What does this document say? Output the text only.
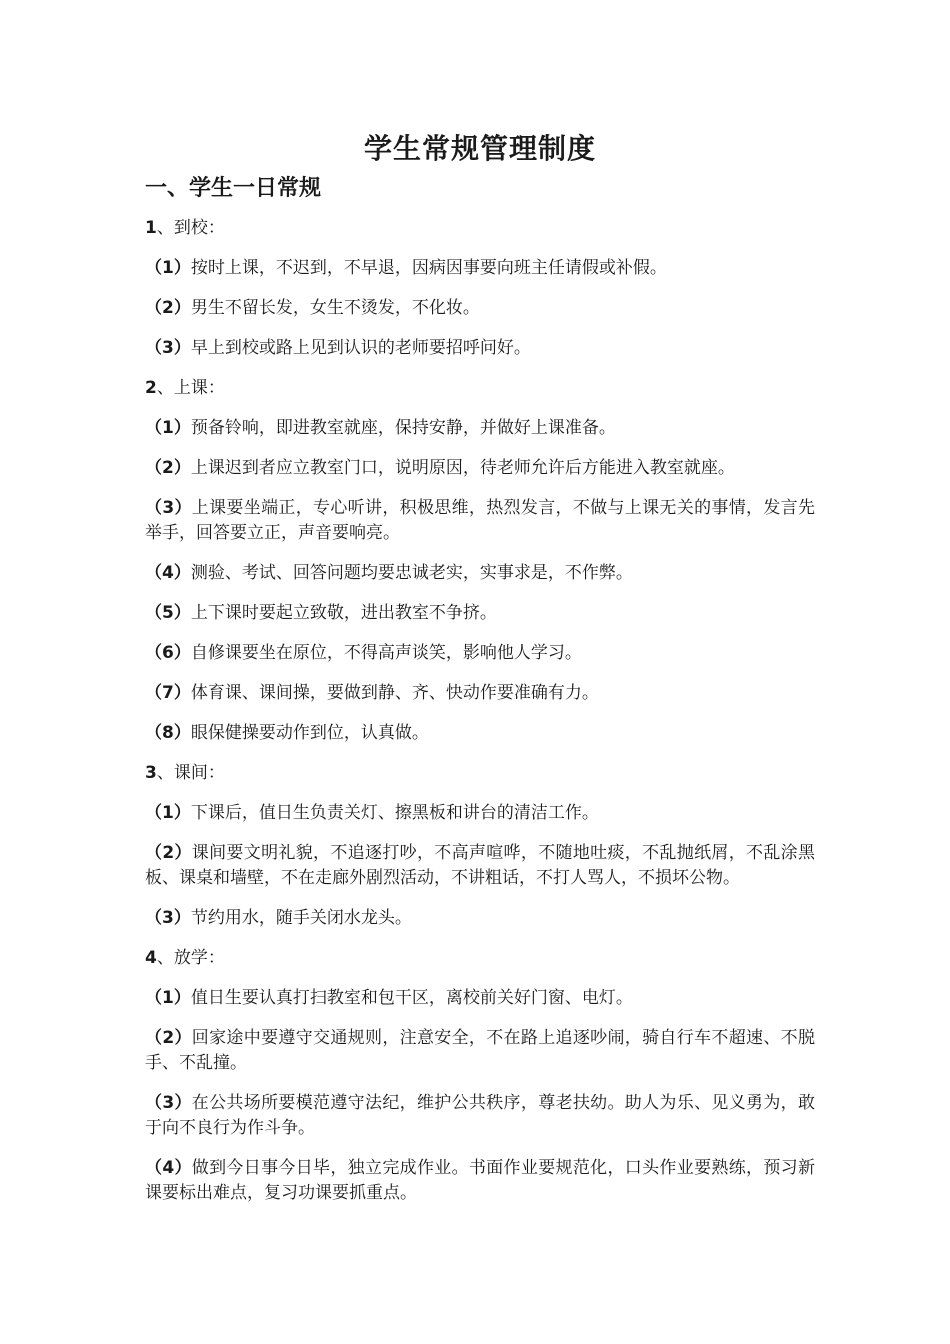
学生常规管理制度
一、学生一日常规
1、到校：
（1）按时上课，不迟到，不早退，因病因事要向班主任请假或补假。
（2）男生不留长发，女生不烫发，不化妆。
（3）早上到校或路上见到认识的老师要招呼问好。
2、上课：
（1）预备铃响，即进教室就座，保持安静，并做好上课准备。
（2）上课迟到者应立教室门口，说明原因，待老师允许后方能进入教室就座。
（3）上课要坐端正，专心听讲，积极思维，热烈发言，不做与上课无关的事情，发言先举手，回答要立正，声音要响亮。
（4）测验、考试、回答问题均要忠诚老实，实事求是，不作弊。
（5）上下课时要起立致敬，进出教室不争挤。
（6）自修课要坐在原位，不得高声谈笑，影响他人学习。
（7）体育课、课间操，要做到静、齐、快动作要准确有力。
（8）眼保健操要动作到位，认真做。
3、课间：
（1）下课后，值日生负责关灯、擦黑板和讲台的清洁工作。
（2）课间要文明礼貌，不追逐打吵，不高声喧哗，不随地吐痰，不乱抛纸屑，不乱涂黑板、课桌和墙壁，不在走廊外剧烈活动，不讲粗话，不打人骂人，不损坏公物。
（3）节约用水，随手关闭水龙头。
4、放学：
（1）值日生要认真打扫教室和包干区，离校前关好门窗、电灯。
（2）回家途中要遵守交通规则，注意安全，不在路上追逐吵闹，骑自行车不超速、不脱手、不乱撞。
（3）在公共场所要模范遵守法纪，维护公共秩序，尊老扶幼。助人为乐、见义勇为，敢于向不良行为作斗争。
（4）做到今日事今日毕，独立完成作业。书面作业要规范化，口头作业要熟练，预习新课要标出难点，复习功课要抓重点。
